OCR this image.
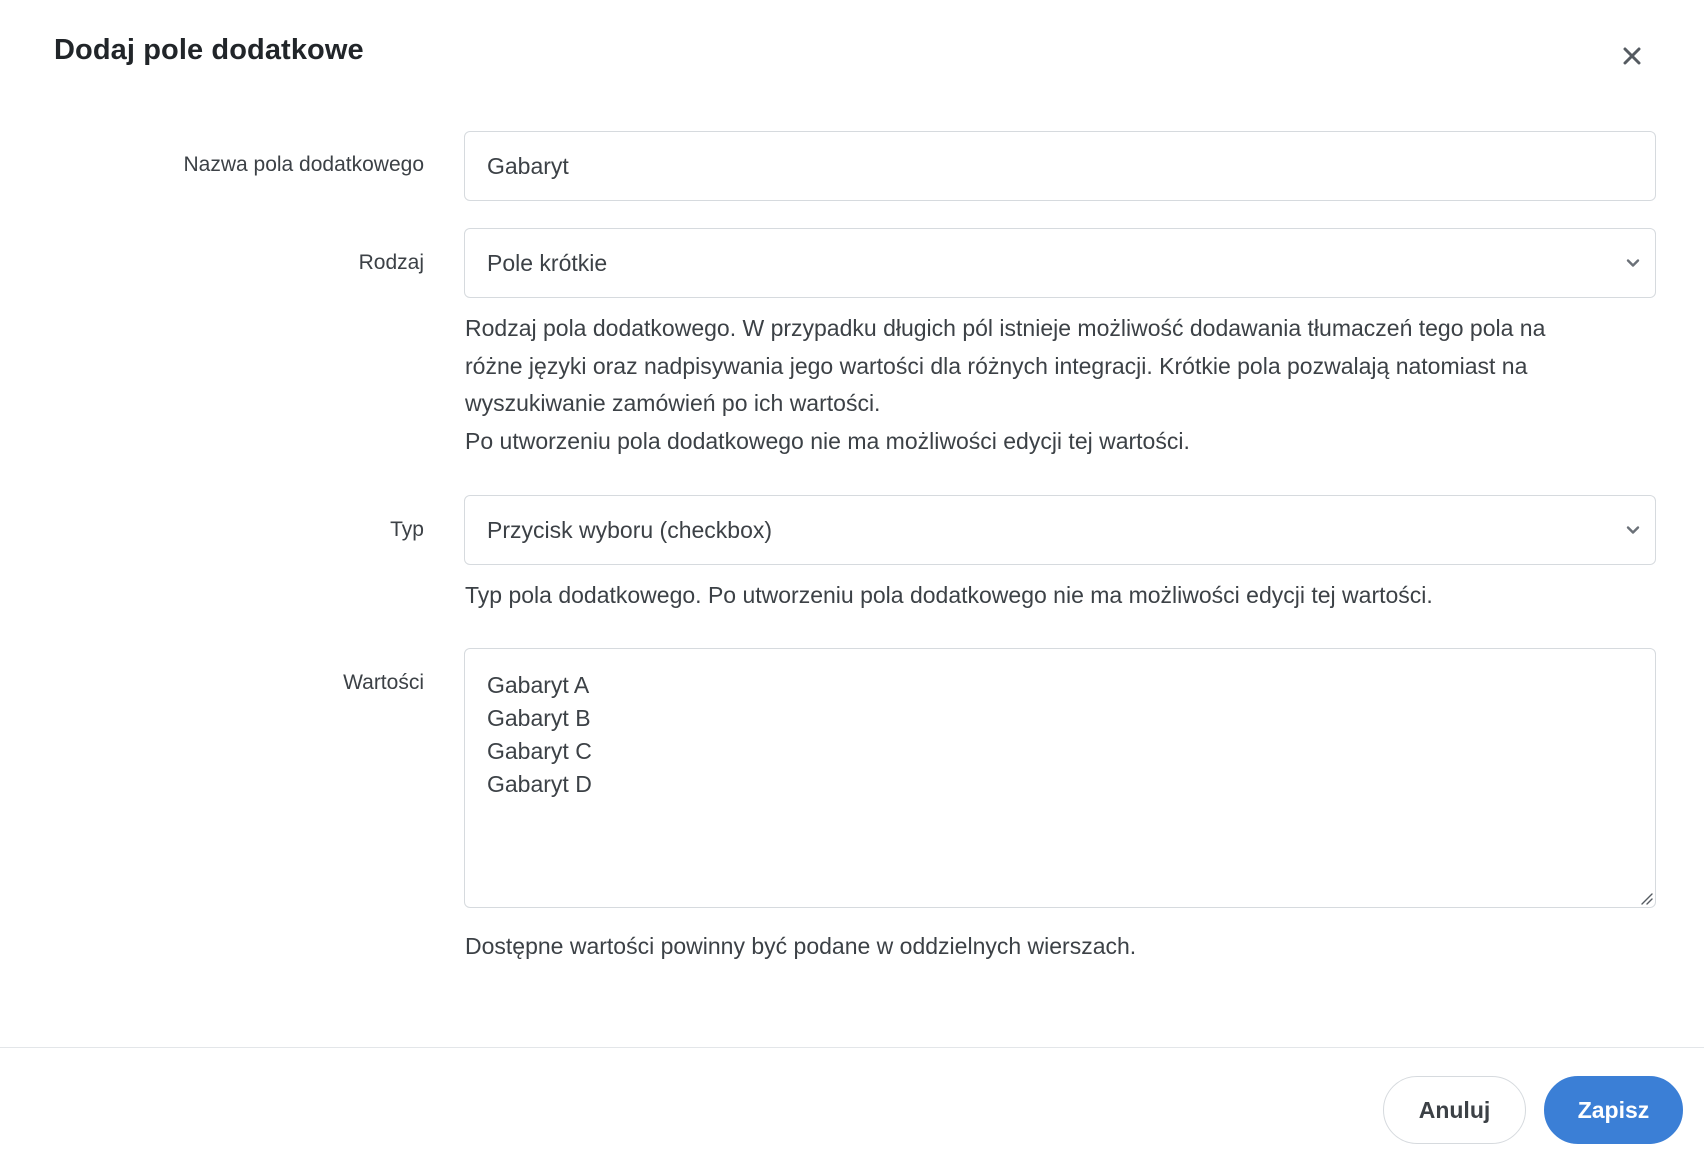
Dodaj pole dodatkowe
Nazwa pola dodatkowego	Gabaryt
Rodzaj	Pole krótkie
Rodzaj pola dodatkowego. W przypadku długich pól istnieje możliwość dodawania tłumaczeń tego pola na
różne języki oraz nadpisywania jego wartości dla różnych integracji. Krótkie pola pozwalają natomiast na
wyszukiwanie zamówień po ich wartości.
Po utworzeniu pola dodatkowego nie ma możliwości edycji tej wartości.
Typ	Przycisk wyboru (checkbox)
Typ pola dodatkowego. Po utworzeniu pola dodatkowego nie ma możliwości edycji tej wartości.
Wartości	Gabaryt A
Gabaryt B
Gabaryt C
Gabaryt D
Dostępne wartości powinny być podane w oddzielnych wierszach.
Anuluj	Zapisz
